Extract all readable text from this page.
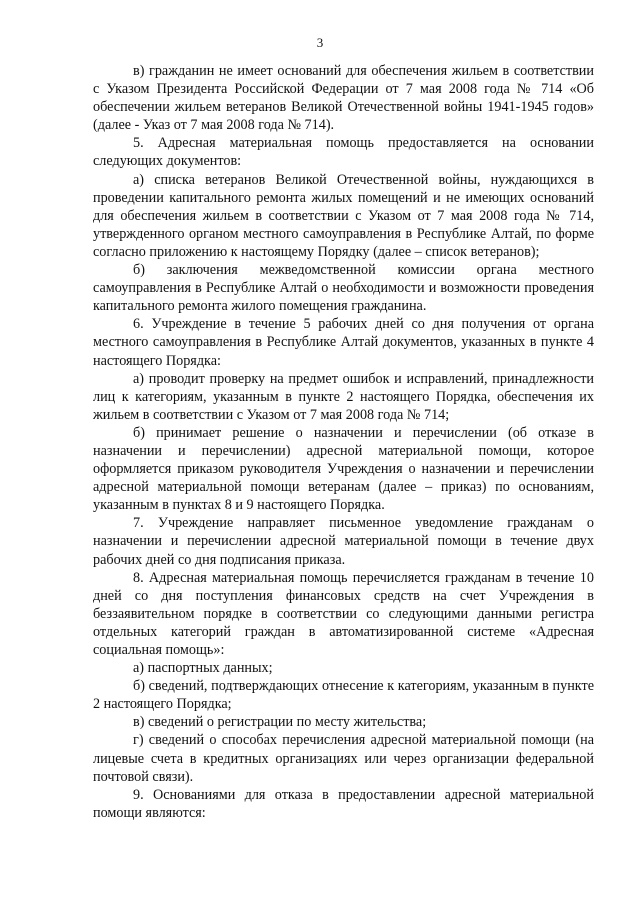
3

в) гражданин не имеет оснований для обеспечения жильем в соответствии с Указом Президента Российской Федерации от 7 мая 2008 года № 714 «Об обеспечении жильем ветеранов Великой Отечественной войны 1941-1945 годов» (далее - Указ от 7 мая 2008 года № 714).

5. Адресная материальная помощь предоставляется на основании следующих документов:

а) списка ветеранов Великой Отечественной войны, нуждающихся в проведении капитального ремонта жилых помещений и не имеющих оснований для обеспечения жильем в соответствии с Указом от 7 мая 2008 года № 714, утвержденного органом местного самоуправления в Республике Алтай, по форме согласно приложению к настоящему Порядку (далее – список ветеранов);

б) заключения межведомственной комиссии органа местного самоуправления в Республике Алтай о необходимости и возможности проведения капитального ремонта жилого помещения гражданина.

6. Учреждение в течение 5 рабочих дней со дня получения от органа местного самоуправления в Республике Алтай документов, указанных в пункте 4 настоящего Порядка:

а) проводит проверку на предмет ошибок и исправлений, принадлежности лиц к категориям, указанным в пункте 2 настоящего Порядка, обеспечения их жильем в соответствии с Указом от 7 мая 2008 года № 714;

б) принимает решение о назначении и перечислении (об отказе в назначении и перечислении) адресной материальной помощи, которое оформляется приказом руководителя Учреждения о назначении и перечислении адресной материальной помощи ветеранам (далее – приказ) по основаниям, указанным в пунктах 8 и 9 настоящего Порядка.

7. Учреждение направляет письменное уведомление гражданам о назначении и перечислении адресной материальной помощи в течение двух рабочих дней со дня подписания приказа.

8. Адресная материальная помощь перечисляется гражданам в течение 10 дней со дня поступления финансовых средств на счет Учреждения в беззаявительном порядке в соответствии со следующими данными регистра отдельных категорий граждан в автоматизированной системе «Адресная социальная помощь»:

а) паспортных данных;

б) сведений, подтверждающих отнесение к категориям, указанным в пункте 2 настоящего Порядка;

в) сведений о регистрации по месту жительства;

г) сведений о способах перечисления адресной материальной помощи (на лицевые счета в кредитных организациях или через организации федеральной почтовой связи).

9. Основаниями для отказа в предоставлении адресной материальной помощи являются:
